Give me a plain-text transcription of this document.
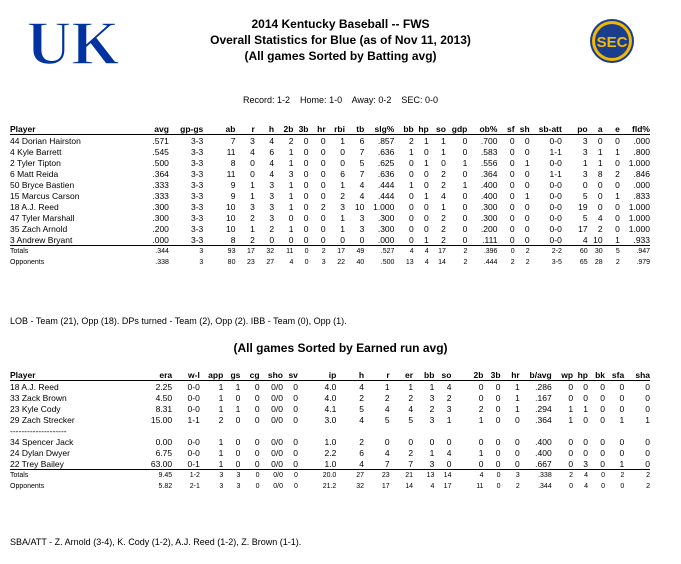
UK	SEC
2014 Kentucky Baseball -- FWS
Overall Statistics for Blue (as of Nov 11, 2013)
(All games Sorted by Batting avg)
Record: 1-2    Home: 1-0    Away: 0-2    SEC: 0-0
Player	avg	gp-gs	ab	r	h	2b	3b	hr	rbi	tb	slg%	bb	hp	so	gdp	ob%	sf	sh	sb-att	po	a	e	fld%
44 Dorian Hairston	.571	3-3	7	3	4	2	0	0	1	6	.857	2	1	1	0	.700	0	0	0-0	3	0	0	.000
4 Kyle Barrett	.545	3-3	11	4	6	1	0	0	0	7	.636	1	0	1	0	.583	0	0	1-1	3	1	1	.800
2 Tyler Tipton	.500	3-3	8	0	4	1	0	0	0	5	.625	0	1	0	1	.556	0	1	0-0	1	1	0	1.000
6 Matt Reida	.364	3-3	11	0	4	3	0	0	6	7	.636	0	0	2	0	.364	0	0	1-1	3	8	2	.846
50 Bryce Bastien	.333	3-3	9	1	3	1	0	0	1	4	.444	1	0	2	1	.400	0	0	0-0	0	0	0	.000
15 Marcus Carson	.333	3-3	9	1	3	1	0	0	2	4	.444	0	1	4	0	.400	0	1	0-0	5	0	1	.833
18 A.J. Reed	.300	3-3	10	3	3	1	0	2	3	10	1.000	0	0	1	0	.300	0	0	0-0	19	0	0	1.000
47 Tyler Marshall	.300	3-3	10	2	3	0	0	0	1	3	.300	0	0	2	0	.300	0	0	0-0	5	4	0	1.000
35 Zach Arnold	.200	3-3	10	1	2	1	0	0	1	3	.300	0	0	2	0	.200	0	0	0-0	17	2	0	1.000
3 Andrew Bryant	.000	3-3	8	2	0	0	0	0	0	0	.000	0	1	2	0	.111	0	0	0-0	4	10	1	.933
Totals	.344	3	93	17	32	11	0	2	17	49	.527	4	4	17	2	.396	0	2	2-2	60	30	5	.947
Opponents	.338	3	80	23	27	4	0	3	22	40	.500	13	4	14	2	.444	2	2	3-5	65	28	2	.979
LOB - Team (21), Opp (18). DPs turned - Team (2), Opp (2). IBB - Team (0), Opp (1).
(All games Sorted by Earned run avg)
Player	era	w-l	app	gs	cg	sho	sv	ip	h	r	er	bb	so	2b	3b	hr	b/avg	wp	hp	bk	sfa	sha
18 A.J. Reed	2.25	0-0	1	1	0	0/0	0	4.0	4	1	1	1	4	0	0	1	.286	0	0	0	0	0
33 Zack Brown	4.50	0-0	1	0	0	0/0	0	4.0	2	2	2	3	2	0	0	1	.167	0	0	0	0	0
23 Kyle Cody	8.31	0-0	1	1	0	0/0	0	4.1	5	4	4	2	3	2	0	1	.294	1	1	0	0	0
29 Zach Strecker	15.00	1-1	2	0	0	0/0	0	3.0	4	5	5	3	1	1	0	0	.364	1	0	0	1	1
--------------------																						
34 Spencer Jack	0.00	0-0	1	0	0	0/0	0	1.0	2	0	0	0	0	0	0	0	.400	0	0	0	0	0
24 Dylan Dwyer	6.75	0-0	1	0	0	0/0	0	2.2	6	4	2	1	4	1	0	0	.400	0	0	0	0	0
22 Trey Bailey	63.00	0-1	1	0	0	0/0	0	1.0	4	7	7	3	0	0	0	0	.667	0	3	0	1	0
Totals	9.45	1-2	3	3	0	0/0	0	20.0	27	23	21	13	14	4	0	3	.338	2	4	0	2	2
Opponents	5.82	2-1	3	3	0	0/0	0	21.2	32	17	14	4	17	11	0	2	.344	0	4	0	0	2
SBA/ATT - Z. Arnold (3-4), K. Cody (1-2), A.J. Reed (1-2), Z. Brown (1-1).
